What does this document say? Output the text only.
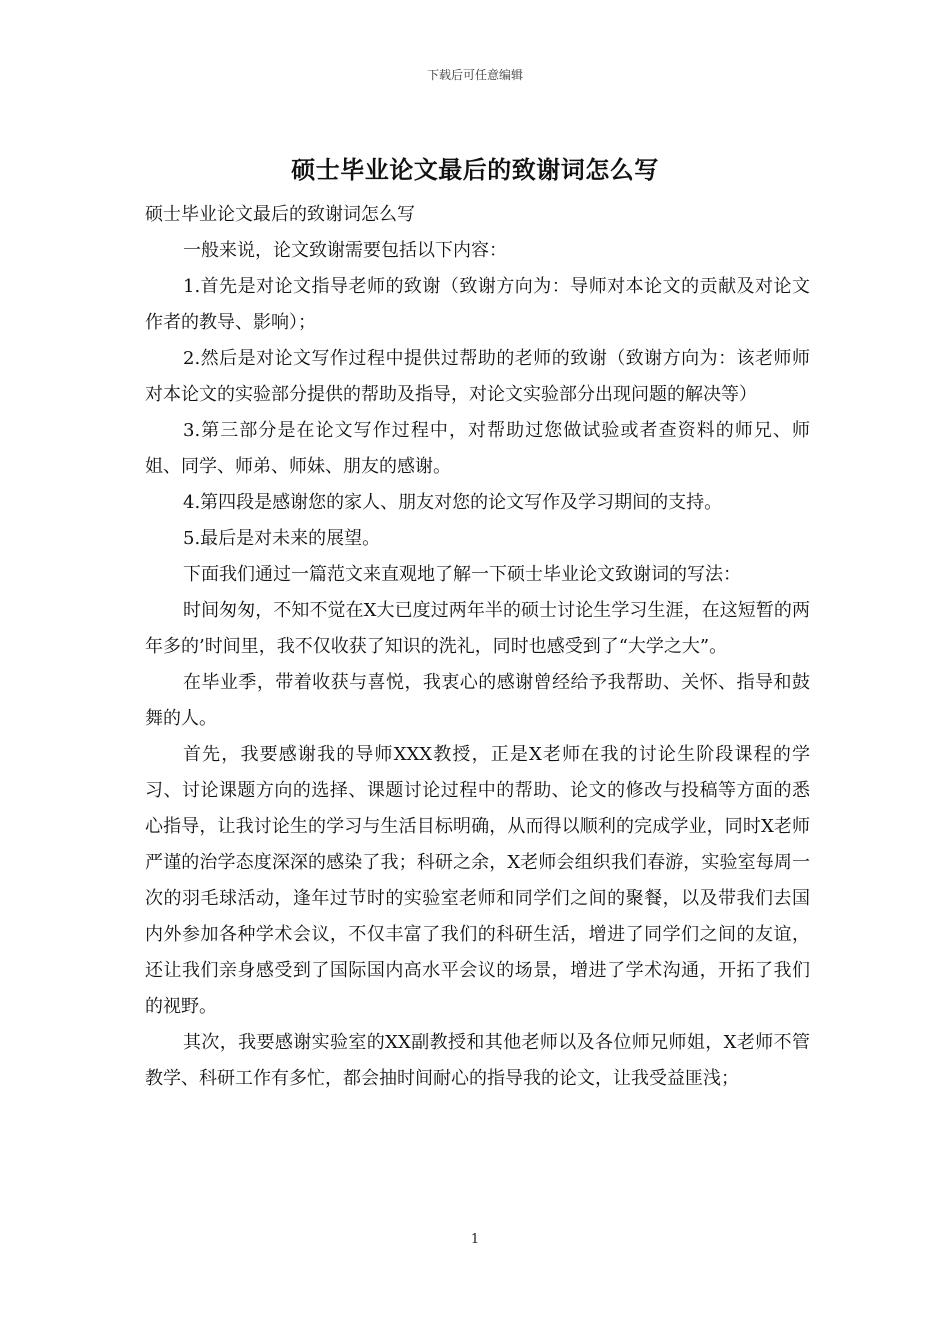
下载后可任意编辑
硕士毕业论文最后的致谢词怎么写

硕士毕业论文最后的致谢词怎么写

一般来说，论文致谢需要包括以下内容：

1.首先是对论文指导老师的致谢（致谢方向为：导师对本论文的贡献及对论文作者的教导、影响）；

2.然后是对论文写作过程中提供过帮助的老师的致谢（致谢方向为：该老师师对本论文的实验部分提供的帮助及指导，对论文实验部分出现问题的解决等）

3.第三部分是在论文写作过程中，对帮助过您做试验或者查资料的师兄、师姐、同学、师弟、师妹、朋友的感谢。

4.第四段是感谢您的家人、朋友对您的论文写作及学习期间的支持。

5.最后是对未来的展望。

下面我们通过一篇范文来直观地了解一下硕士毕业论文致谢词的写法：

时间匆匆，不知不觉在X大已度过两年半的硕士讨论生学习生涯，在这短暂的两年多的’时间里，我不仅收获了知识的洗礼，同时也感受到了“大学之大”。

在毕业季，带着收获与喜悦，我衷心的感谢曾经给予我帮助、关怀、指导和鼓舞的人。

首先，我要感谢我的导师XXX教授，正是X老师在我的讨论生阶段课程的学习、讨论课题方向的选择、课题讨论过程中的帮助、论文的修改与投稿等方面的悉心指导，让我讨论生的学习与生活目标明确，从而得以顺利的完成学业，同时X老师严谨的治学态度深深的感染了我；科研之余，X老师会组织我们春游，实验室每周一次的羽毛球活动，逢年过节时的实验室老师和同学们之间的聚餐，以及带我们去国内外参加各种学术会议，不仅丰富了我们的科研生活，增进了同学们之间的友谊，还让我们亲身感受到了国际国内高水平会议的场景，增进了学术沟通，开拓了我们的视野。

其次，我要感谢实验室的XX副教授和其他老师以及各位师兄师姐，X老师不管教学、科研工作有多忙，都会抽时间耐心的指导我的论文，让我受益匪浅；

1
